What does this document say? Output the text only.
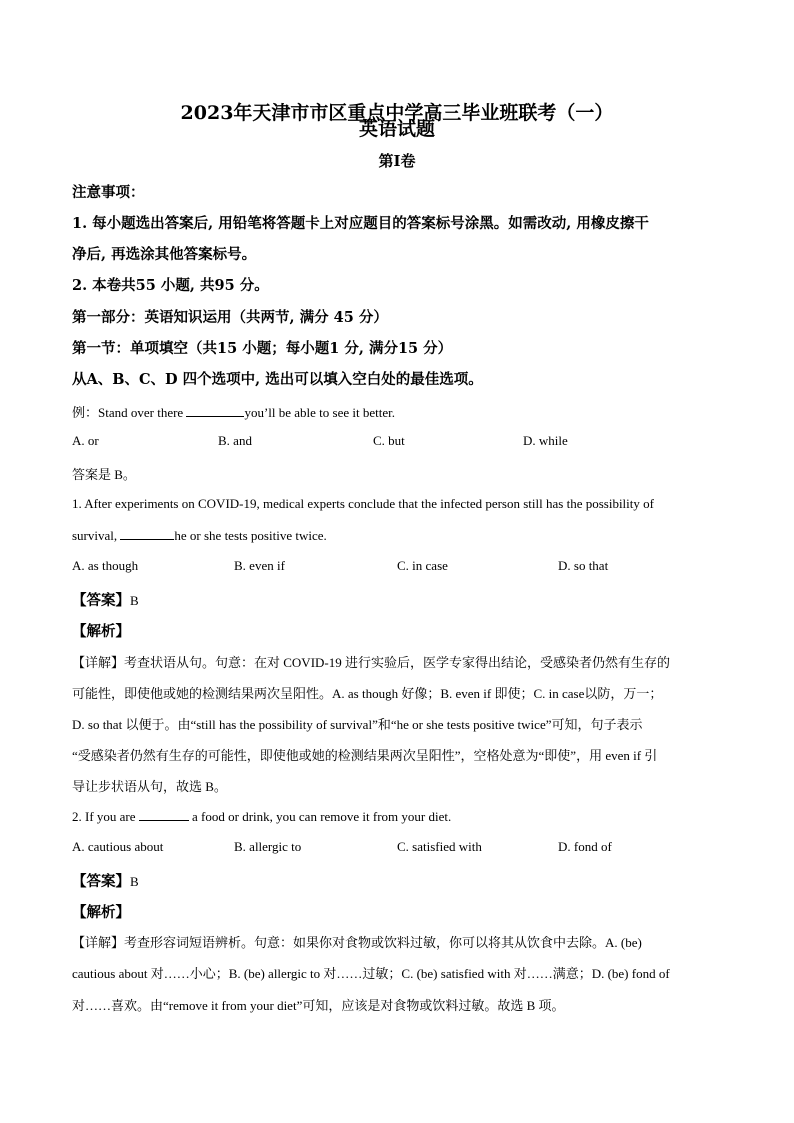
2023年天津市市区重点中学高三毕业班联考（一）
英语试题
第I卷
注意事项：
1. 每小题选出答案后, 用铅笔将答题卡上对应题目的答案标号涂黑。如需改动, 用橡皮擦干
净后, 再选涂其他答案标号。
2. 本卷共55 小题, 共95 分。
第一部分：英语知识运用（共两节, 满分 45 分）
第一节：单项填空（共15 小题；每小题1 分, 满分15 分）
从A、B、C、D 四个选项中, 选出可以填入空白处的最佳选项。
例：Stand over there	you’ll be able to see it better.
A. or	B. and	C. but	D. while
答案是 B。
1. After experiments on COVID-19, medical experts conclude that the infected person still has the possibility of
survival,	he or she tests positive twice.
A. as though	B. even if	C. in case	D. so that
【答案】B
【解析】
【详解】考查状语从句。句意：在对 COVID-19 进行实验后，医学专家得出结论，受感染者仍然有生存的
可能性，即使他或她的检测结果两次呈阳性。A. as though 好像；B. even if 即使；C. in case以防，万一；
D. so that 以便于。由“still has the possibility of survival”和“he or she tests positive twice”可知，句子表示
“受感染者仍然有生存的可能性，即使他或她的检测结果两次呈阳性”，空格处意为“即使”，用 even if 引
导让步状语从句，故选 B。
2. If you are	a food or drink, you can remove it from your diet.
A. cautious about	B. allergic to	C. satisfied with	D. fond of
【答案】B
【解析】
【详解】考查形容词短语辨析。句意：如果你对食物或饮料过敏，你可以将其从饮食中去除。A. (be)
cautious about 对……小心；B. (be) allergic to 对……过敏；C. (be) satisfied with 对……满意；D. (be) fond of
对……喜欢。由“remove it from your diet”可知，应该是对食物或饮料过敏。故选 B 项。
